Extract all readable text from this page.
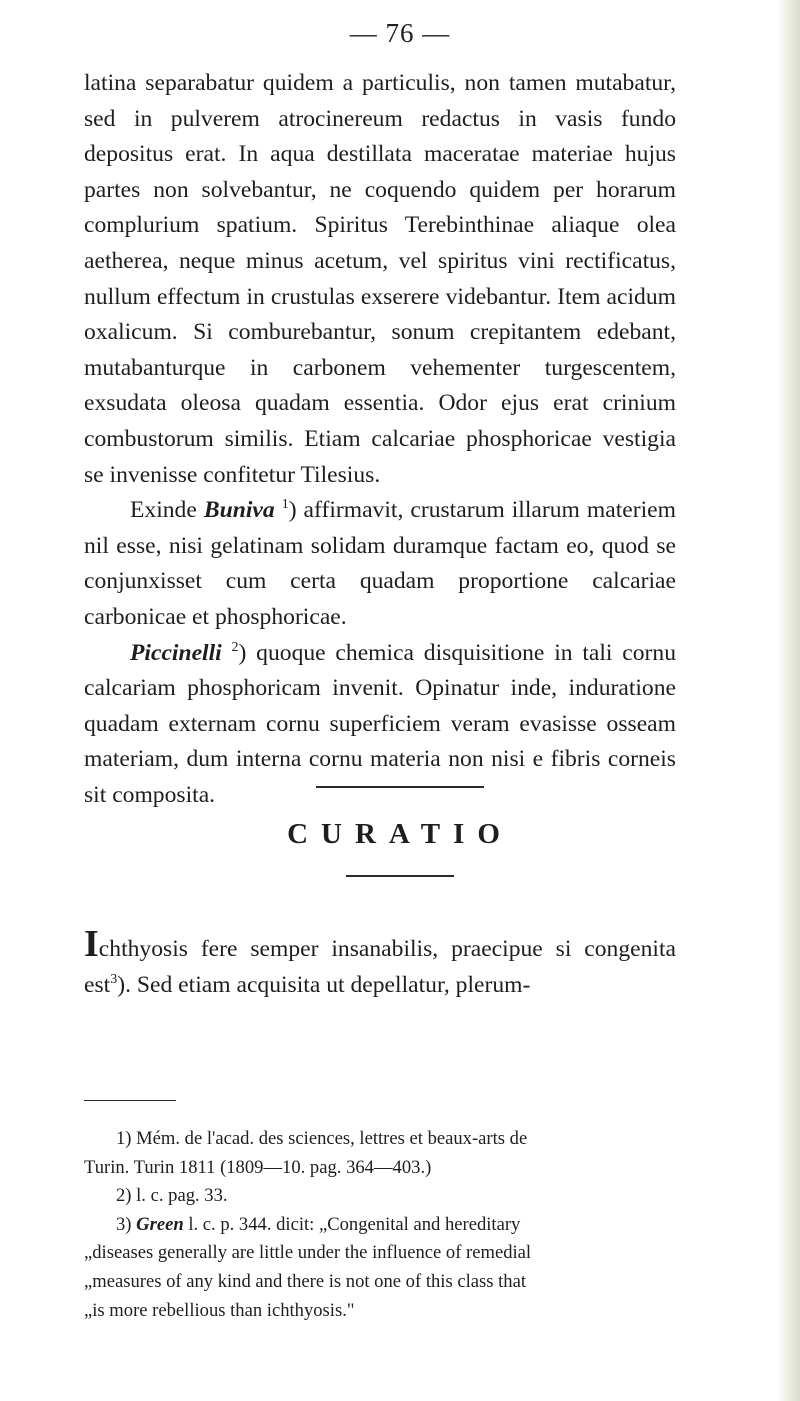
— 76 —

latina separabatur quidem a particulis, non tamen mutabatur, sed in pulverem atrocinereum redactus in vasis fundo depositus erat. In aqua destillata maceratae materiae hujus partes non solvebantur, ne coquendo quidem per horarum complurium spatium. Spiritus Terebinthinae aliaque olea aetherea, neque minus acetum, vel spiritus vini rectificatus, nullum effectum in crustulas exserere videbantur. Item acidum oxalicum. Si comburebantur, sonum crepitantem edebant, mutabanturque in carbonem vehementer turgescentem, exsudata oleosa quadam essentia. Odor ejus erat crinium combustorum similis. Etiam calcariae phosphoricae vestigia se invenisse confitetur Tilesius.

Exinde Buniva $^1$) affirmavit, crustarum illarum materiem nil esse, nisi gelatinam solidam duramque factam eo, quod se conjunxisset cum certa quadam proportione calcariae carbonicae et phosphoricae.

Piccinelli $^2$) quoque chemica disquisitione in tali cornu calcariam phosphoricam invenit. Opinatur inde, induratione quadam externam cornu superficiem veram evasisse osseam materiam, dum interna cornu materia non nisi e fibris corneis sit composita.

CURATIO

Ichthyosis fere semper insanabilis, praecipue si congenita est$^3$). Sed etiam acquisita ut depellatur, plerum-

1) Mém. de l'acad. des sciences, lettres et beaux-arts de

Turin. Turin 1811 (1809—10. pag. 364—403.)

2) l. c. pag. 33.

3) Green l. c. p. 344. dicit: „Congenital and hereditary

„diseases generally are little under the influence of remedial

„measures of any kind and there is not one of this class that

„is more rebellious than ichthyosis."
